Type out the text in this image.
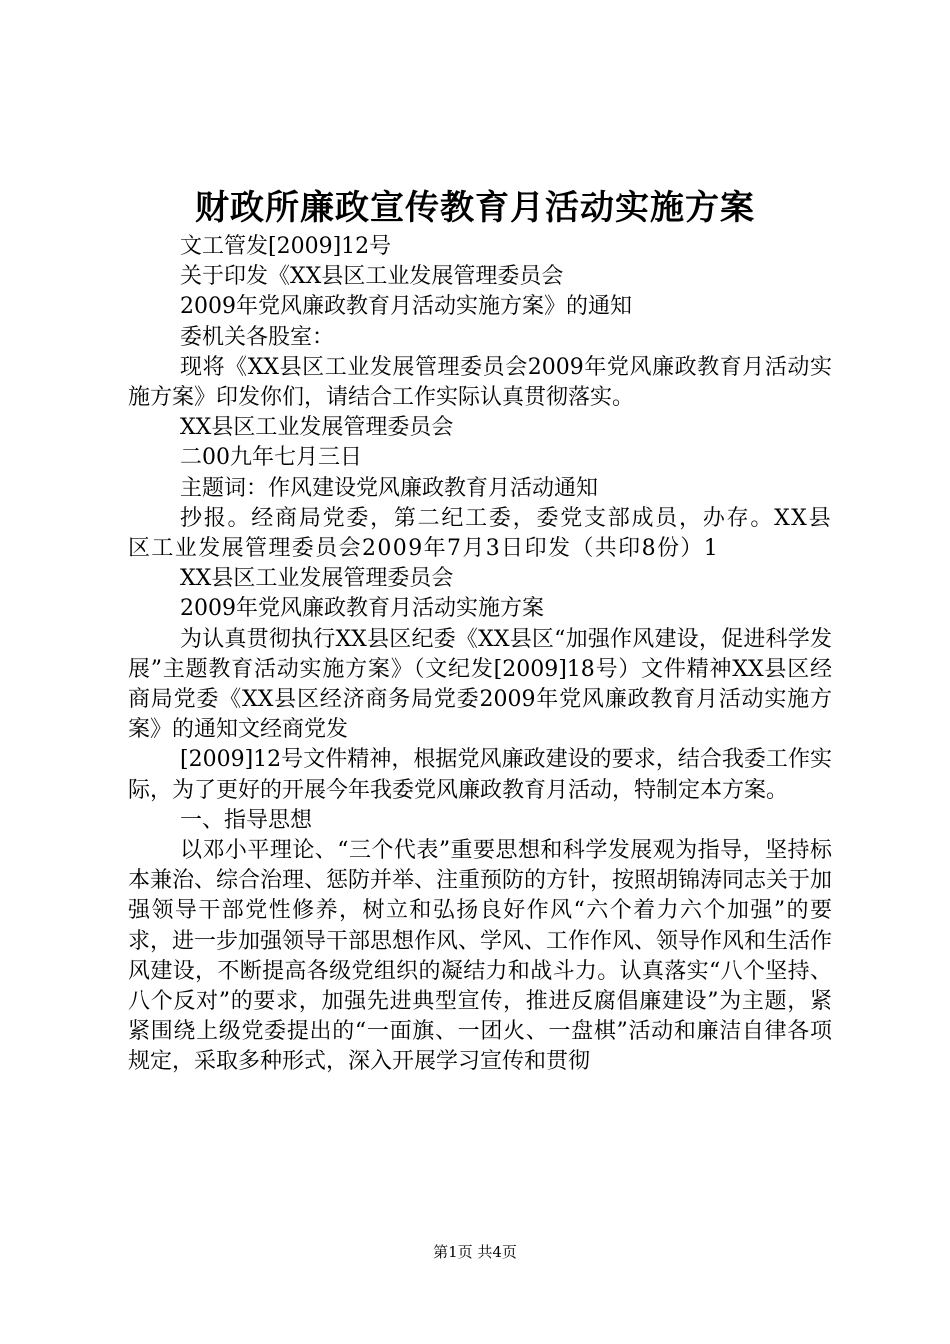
财政所廉政宣传教育月活动实施方案

文工管发[2009]12号

关于印发《XX县区工业发展管理委员会

2009年党风廉政教育月活动实施方案》的通知

委机关各股室：

现将《XX县区工业发展管理委员会2009年党风廉政教育月活动实施方案》印发你们，请结合工作实际认真贯彻落实。

XX县区工业发展管理委员会

二00九年七月三日

主题词：作风建设党风廉政教育月活动通知

抄报。经商局党委，第二纪工委，委党支部成员，办存。XX县区工业发展管理委员会2009年7月3日印发（共印8份）1

XX县区工业发展管理委员会

2009年党风廉政教育月活动实施方案

为认真贯彻执行XX县区纪委《XX县区“加强作风建设，促进科学发展”主题教育活动实施方案》（文纪发[2009]18号）文件精神XX县区经商局党委《XX县区经济商务局党委2009年党风廉政教育月活动实施方案》的通知文经商党发

[2009]12号文件精神，根据党风廉政建设的要求，结合我委工作实际，为了更好的开展今年我委党风廉政教育月活动，特制定本方案。

一、指导思想

以邓小平理论、“三个代表”重要思想和科学发展观为指导，坚持标本兼治、综合治理、惩防并举、注重预防的方针，按照胡锦涛同志关于加强领导干部党性修养，树立和弘扬良好作风“六个着力六个加强”的要求，进一步加强领导干部思想作风、学风、工作作风、领导作风和生活作风建设，不断提高各级党组织的凝结力和战斗力。认真落实“八个坚持、八个反对”的要求，加强先进典型宣传，推进反腐倡廉建设”为主题，紧紧围绕上级党委提出的“一面旗、一团火、一盘棋”活动和廉洁自律各项规定，采取多种形式，深入开展学习宣传和贯彻

第1页 共4页
